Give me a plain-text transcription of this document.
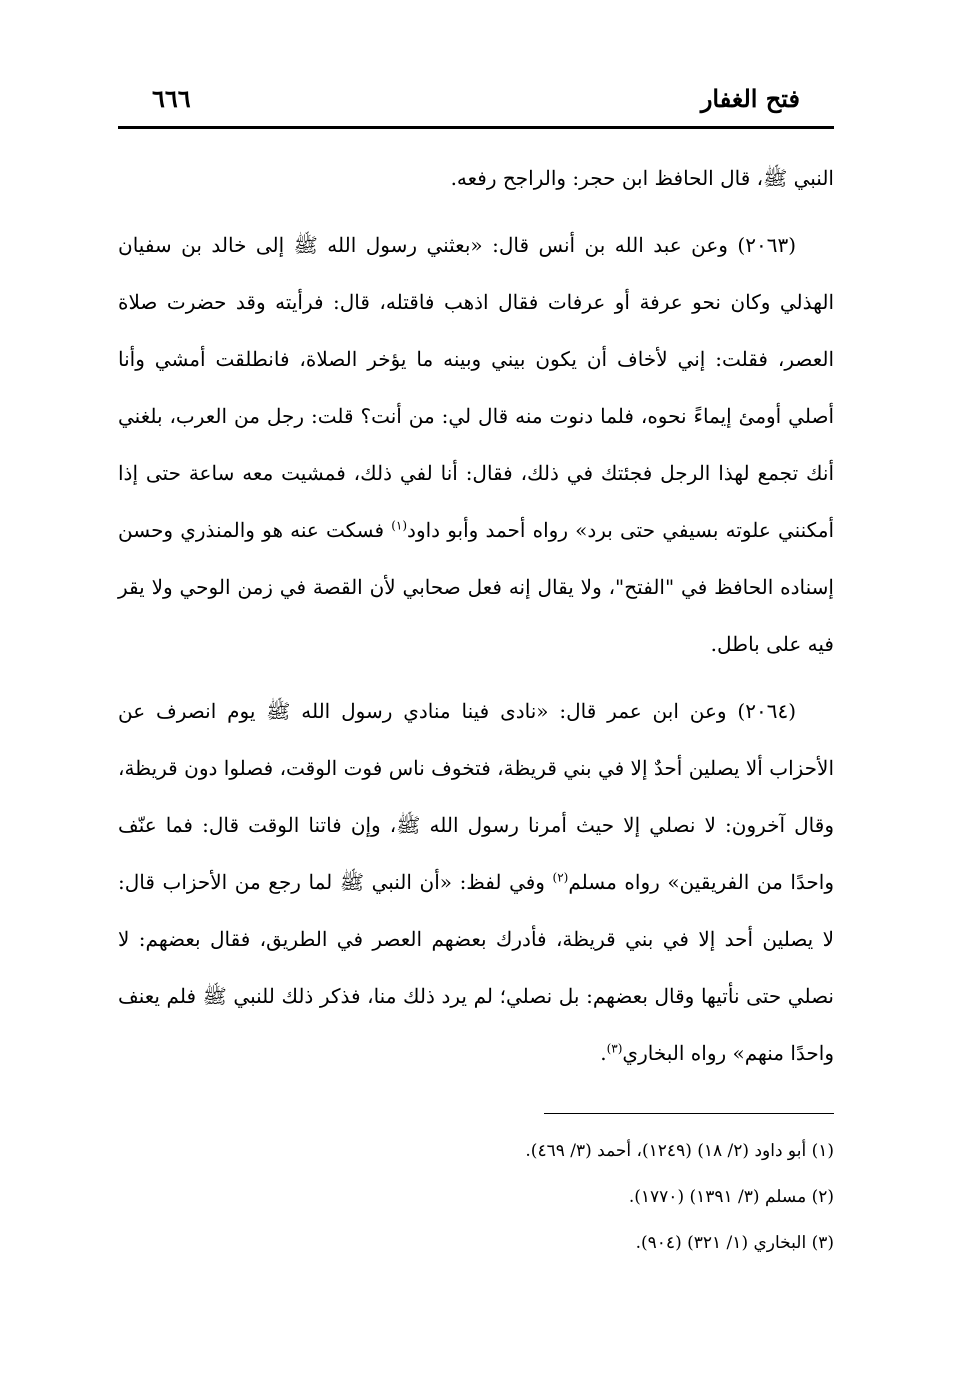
فتح الغفار
٦٦٦

النبي ﷺ، قال الحافظ ابن حجر: والراجح رفعه.

(٢٠٦٣) وعن عبد الله بن أنس قال: «بعثني رسول الله ﷺ إلى خالد بن سفيان الهذلي وكان نحو عرفة أو عرفات فقال اذهب فاقتله، قال: فرأيته وقد حضرت صلاة العصر، فقلت: إني لأخاف أن يكون بيني وبينه ما يؤخر الصلاة، فانطلقت أمشي وأنا أصلي أومئ إيماءً نحوه، فلما دنوت منه قال لي: من أنت؟ قلت: رجل من العرب، بلغني أنك تجمع لهذا الرجل فجئتك في ذلك، فقال: أنا لفي ذلك، فمشيت معه ساعة حتى إذا أمكنني علوته بسيفي حتى برد» رواه أحمد وأبو داود$^{(١)}$ فسكت عنه هو والمنذري وحسن إسناده الحافظ في "الفتح"، ولا يقال إنه فعل صحابي لأن القصة في زمن الوحي ولا يقر فيه على باطل.

(٢٠٦٤) وعن ابن عمر قال: «نادى فينا منادي رسول الله ﷺ يوم انصرف عن الأحزاب ألا يصلين أحدٌ إلا في بني قريظة، فتخوف ناس فوت الوقت، فصلوا دون قريظة، وقال آخرون: لا نصلي إلا حيث أمرنا رسول الله ﷺ، وإن فاتنا الوقت قال: فما عنّف واحدًا من الفريقين» رواه مسلم$^{(٢)}$ وفي لفظ: «أن النبي ﷺ لما رجع من الأحزاب قال: لا يصلين أحد إلا في بني قريظة، فأدرك بعضهم العصر في الطريق، فقال بعضهم: لا نصلي حتى نأتيها وقال بعضهم: بل نصلي؛ لم يرد ذلك منا، فذكر ذلك للنبي ﷺ فلم يعنف واحدًا منهم» رواه البخاري$^{(٣)}$.

(١) أبو داود (٢/ ١٨) (١٢٤٩)، أحمد (٣/ ٤٦٩).
(٢) مسلم (٣/ ١٣٩١) (١٧٧٠).
(٣) البخاري (١/ ٣٢١) (٩٠٤).
